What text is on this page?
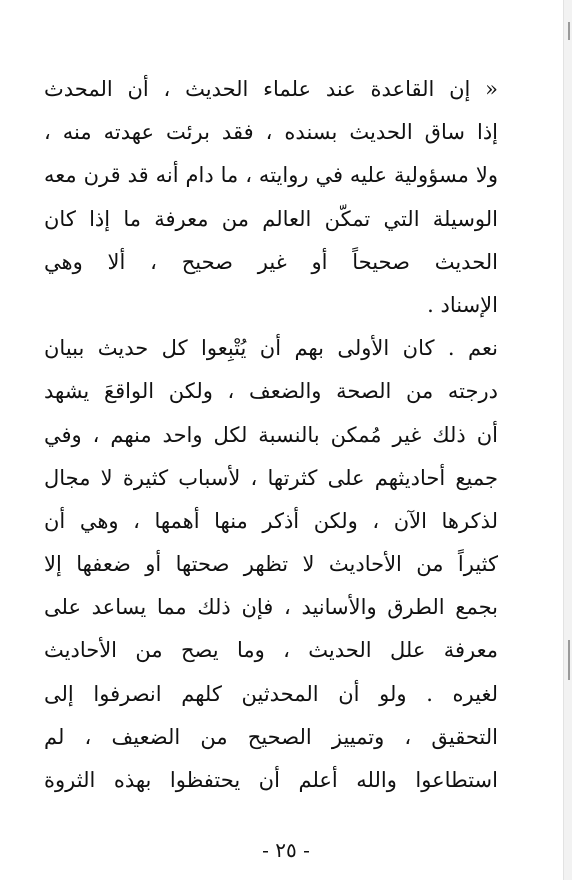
« إن القاعدة عند علماء الحديث ، أن المحدث
إذا ساق الحديث بسنده ، فقد برئت عهدته منه ،
ولا مسؤولية عليه في روايته ، ما دام أنه قد قرن معه
الوسيلة التي تمكّن العالم من معرفة ما إذا كان
الحديث صحيحاً أو غير صحيح ، ألا وهي
الإسناد .
نعم . كان الأولى بهم أن يُتْبِعوا كل حديث ببيان
درجته من الصحة والضعف ، ولكن الواقعَ يشهد
أن ذلك غير مُمكن بالنسبة لكل واحد منهم ، وفي
جميع أحاديثهم على كثرتها ، لأسباب كثيرة لا مجال
لذكرها الآن ، ولكن أذكر منها أهمها ، وهي أن
كثيراً من الأحاديث لا تظهر صحتها أو ضعفها إلا
بجمع الطرق والأسانيد ، فإن ذلك مما يساعد على
معرفة علل الحديث ، وما يصح من الأحاديث
لغيره . ولو أن المحدثين كلهم انصرفوا إلى
التحقيق ، وتمييز الصحيح من الضعيف ، لم
استطاعوا والله أعلم أن يحتفظوا بهذه الثروة
- ٢٥ -
